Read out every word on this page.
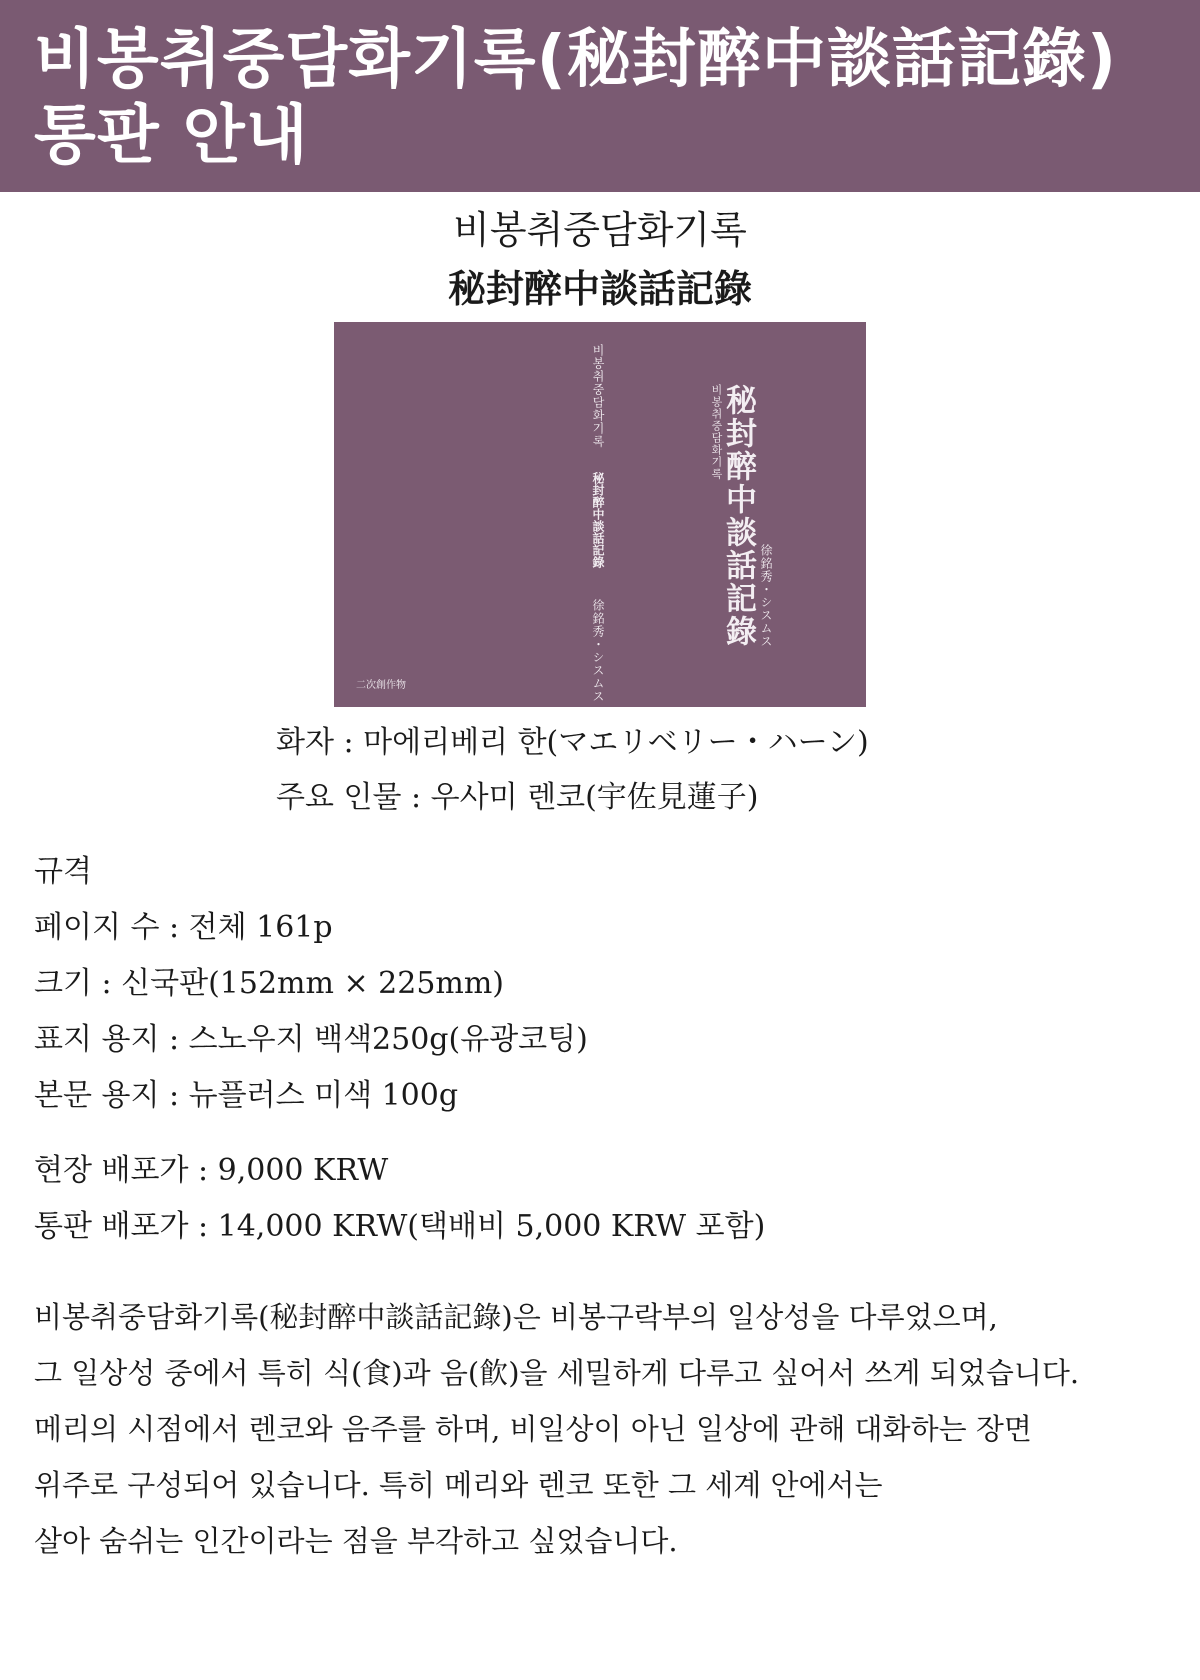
비봉취중담화기록(秘封醉中談話記錄)
통판 안내
비봉취중담화기록
秘封醉中談話記錄
비봉취중담화기록
秘封醉中談話記錄
徐銘秀・シスムス
비봉취중담화기록
秘封醉中談話記錄 徐銘秀・シスムス
二次創作物
화자 : 마에리베리 한(マエリベリー・ハーン)
주요 인물 : 우사미 렌코(宇佐見蓮子)
규격
페이지 수 : 전체 161p
크기 : 신국판(152mm × 225mm)
표지 용지 : 스노우지 백색250g(유광코팅)
본문 용지 : 뉴플러스 미색 100g
현장 배포가 : 9,000 KRW
통판 배포가 : 14,000 KRW(택배비 5,000 KRW 포함)
비봉취중담화기록(秘封醉中談話記錄)은 비봉구락부의 일상성을 다루었으며,
그 일상성 중에서 특히 식(食)과 음(飮)을 세밀하게 다루고 싶어서 쓰게 되었습니다.
메리의 시점에서 렌코와 음주를 하며, 비일상이 아닌 일상에 관해 대화하는 장면
위주로 구성되어 있습니다. 특히 메리와 렌코 또한 그 세계 안에서는
살아 숨쉬는 인간이라는 점을 부각하고 싶었습니다.
